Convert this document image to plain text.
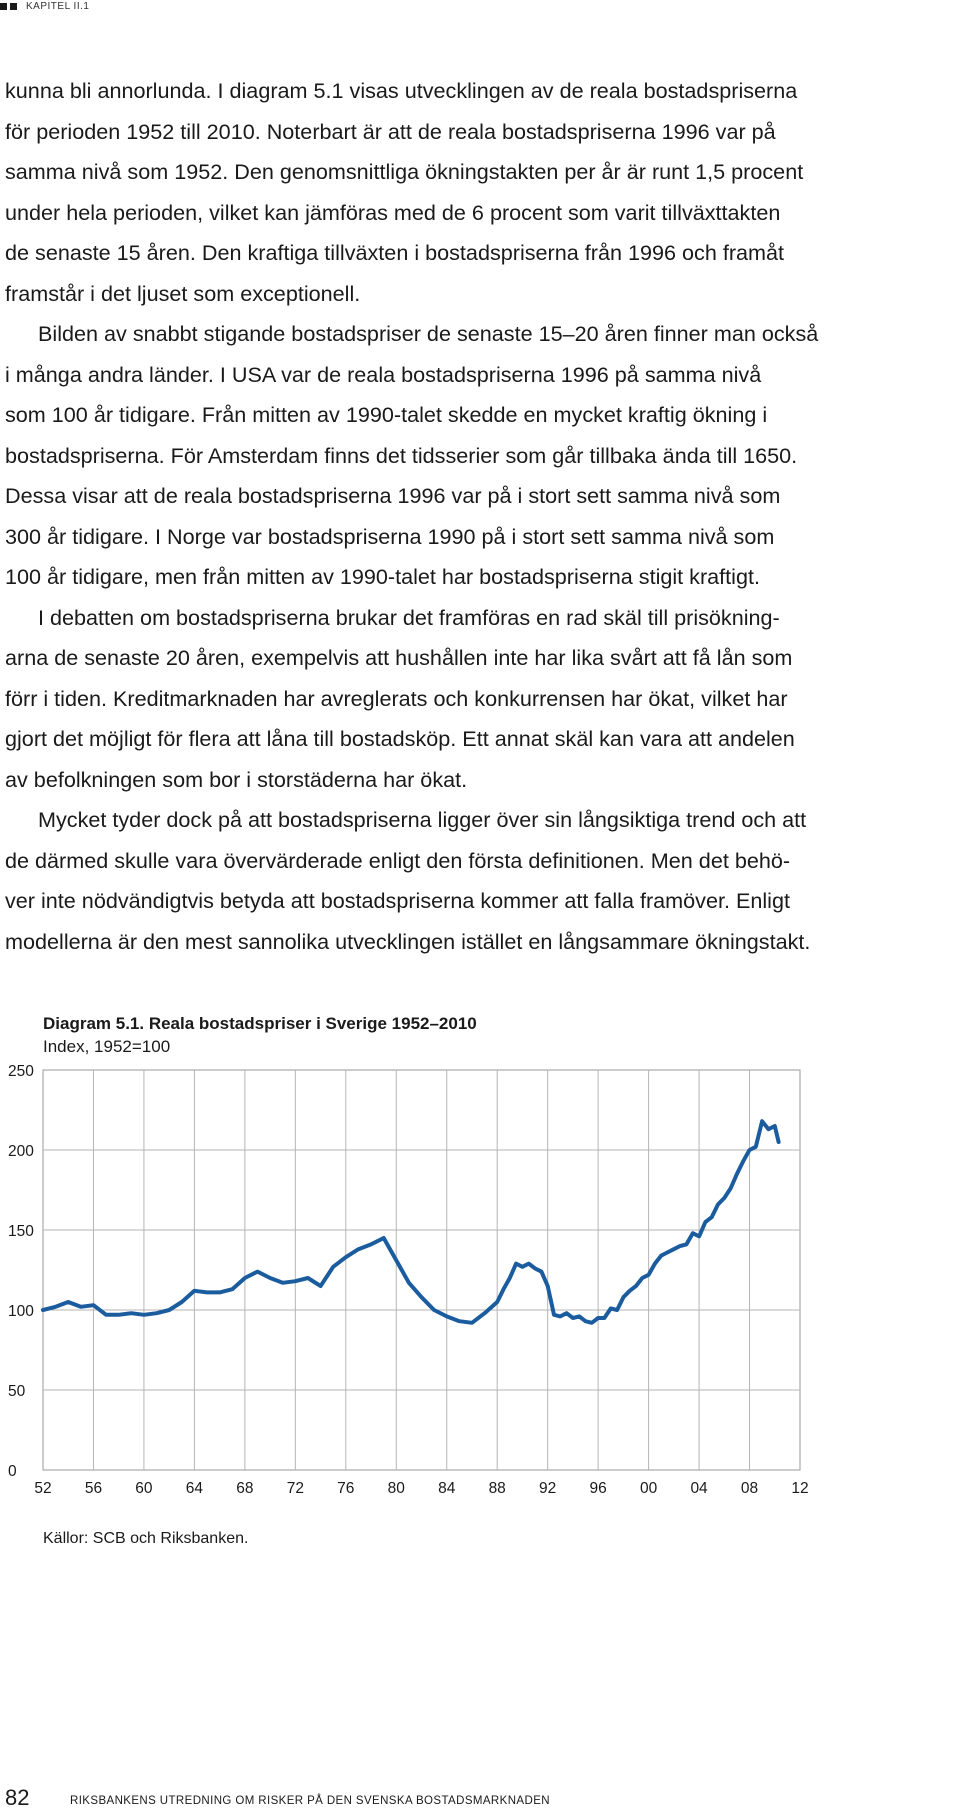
KAPITEL II.1

kunna bli annorlunda. I diagram 5.1 visas utvecklingen av de reala bostadspriserna

för perioden 1952 till 2010. Noterbart är att de reala bostadspriserna 1996 var på

samma nivå som 1952. Den genomsnittliga ökningstakten per år är runt 1,5 procent

under hela perioden, vilket kan jämföras med de 6 procent som varit tillväxttakten

de senaste 15 åren. Den kraftiga tillväxten i bostadspriserna från 1996 och framåt

framstår i det ljuset som exceptionell.

Bilden av snabbt stigande bostadspriser de senaste 15–20 åren finner man också

i många andra länder. I USA var de reala bostadspriserna 1996 på samma nivå

som 100 år tidigare. Från mitten av 1990-talet skedde en mycket kraftig ökning i

bostadspriserna. För Amsterdam finns det tidsserier som går tillbaka ända till 1650.

Dessa visar att de reala bostadspriserna 1996 var på i stort sett samma nivå som

300 år tidigare. I Norge var bostadspriserna 1990 på i stort sett samma nivå som

100 år tidigare, men från mitten av 1990-talet har bostadspriserna stigit kraftigt.

I debatten om bostadspriserna brukar det framföras en rad skäl till prisökning-

arna de senaste 20 åren, exempelvis att hushållen inte har lika svårt att få lån som

förr i tiden. Kreditmarknaden har avreglerats och konkurrensen har ökat, vilket har

gjort det möjligt för flera att låna till bostadsköp. Ett annat skäl kan vara att andelen

av befolkningen som bor i storstäderna har ökat.

Mycket tyder dock på att bostadspriserna ligger över sin långsiktiga trend och att

de därmed skulle vara övervärderade enligt den första definitionen. Men det behö-

ver inte nödvändigtvis betyda att bostadspriserna kommer att falla framöver. Enligt

modellerna är den mest sannolika utvecklingen istället en långsammare ökningstakt.

Diagram 5.1. Reala bostadspriser i Sverige 1952–2010
Index, 1952=100
0
50
100
150
200
250
52 56 60 64 68 72 76 80 84 88 92 96 00 04 08 12
Källor: SCB och Riksbanken.
82	RIKSBANKENS UTREDNING OM RISKER PÅ DEN SVENSKA BOSTADSMARKNADEN
